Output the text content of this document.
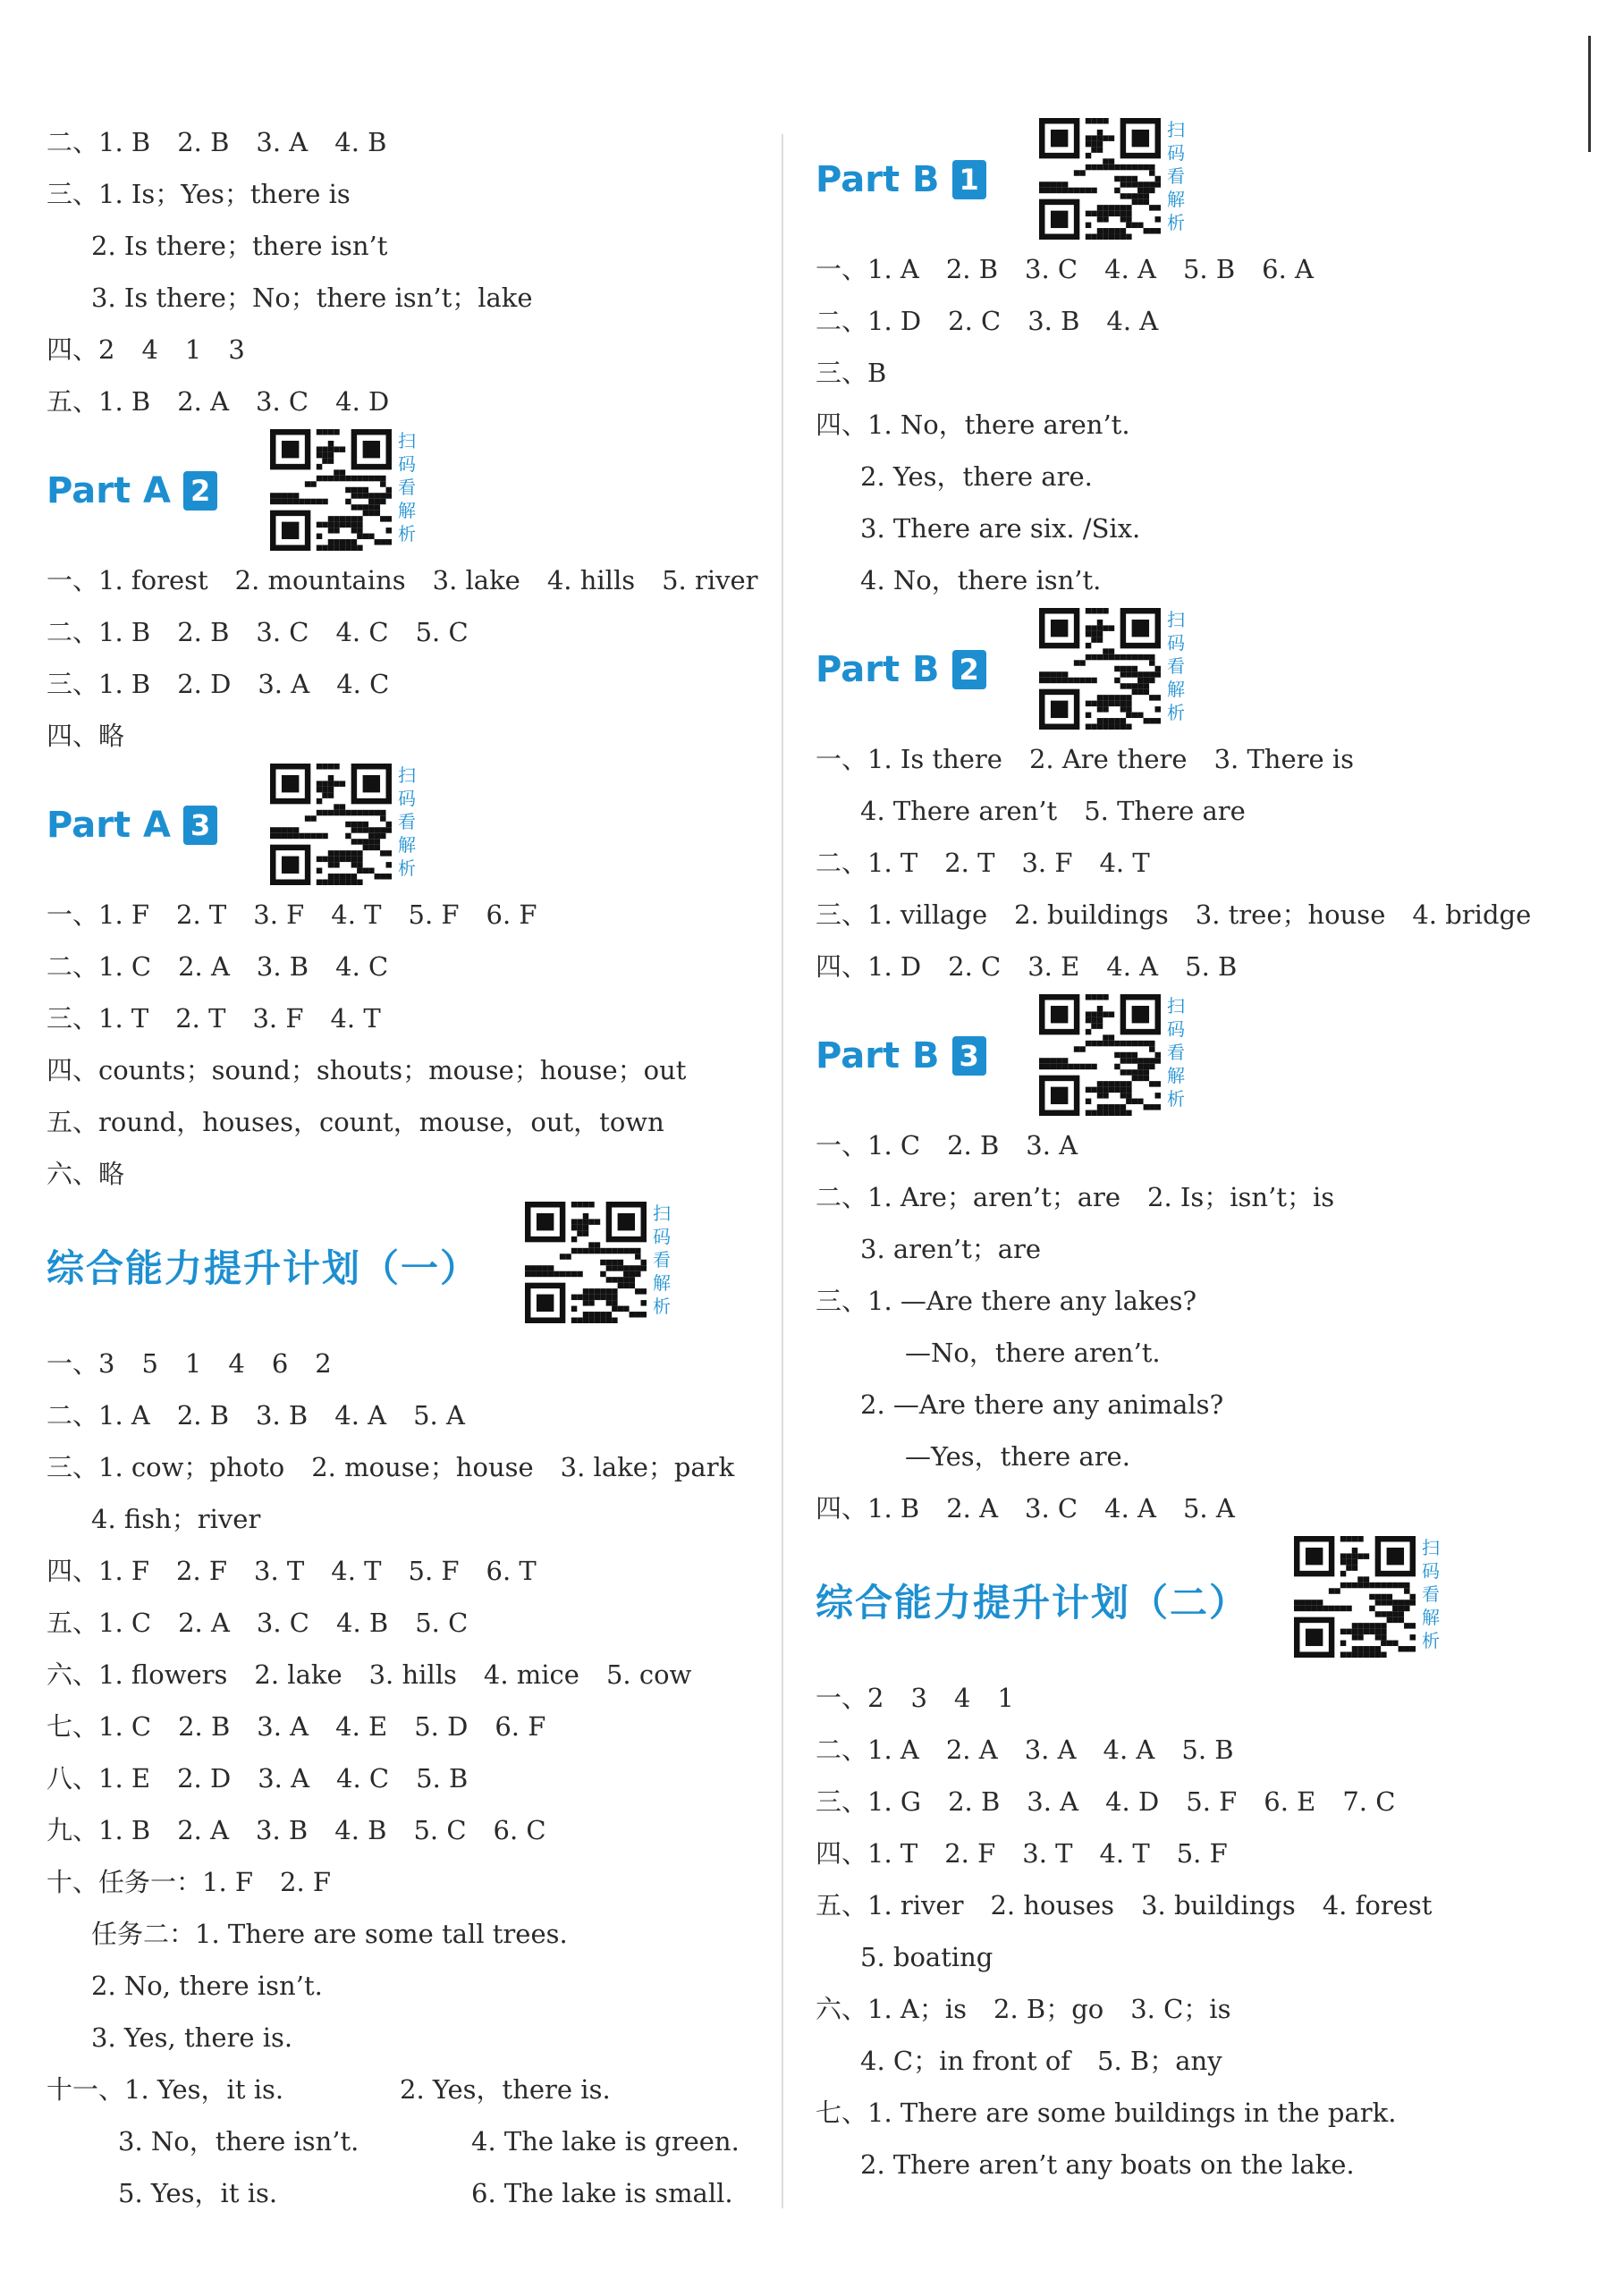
二、1. B 2. B 3. A 4. B
三、1. Is；Yes；there is
2. Is there；there isn’t
3. Is there；No；there isn’t；lake
四、2 4 1 3
五、1. B 2. A 3. C 4. D
Part A 2
扫
码
看
解
析
一、1. forest 2. mountains 3. lake 4. hills 5. river
二、1. B 2. B 3. C 4. C 5. C
三、1. B 2. D 3. A 4. C
四、略
Part A 3
扫
码
看
解
析
一、1. F 2. T 3. F 4. T 5. F 6. F
二、1. C 2. A 3. B 4. C
三、1. T 2. T 3. F 4. T
四、counts；sound；shouts；mouse；house；out
五、round，houses，count，mouse，out，town
六、略
综合能力提升计划（一）
扫
码
看
解
析
一、3 5 1 4 6 2
二、1. A 2. B 3. B 4. A 5. A
三、1. cow；photo 2. mouse；house 3. lake；park
4. fish；river
四、1. F 2. F 3. T 4. T 5. F 6. T
五、1. C 2. A 3. C 4. B 5. C
六、1. flowers 2. lake 3. hills 4. mice 5. cow
七、1. C 2. B 3. A 4. E 5. D 6. F
八、1. E 2. D 3. A 4. C 5. B
九、1. B 2. A 3. B 4. B 5. C 6. C
十、任务一：1. F 2. F
任务二：1. There are some tall trees.
2. No, there isn’t.
3. Yes, there is.
十一、1. Yes，it is.	2. Yes，there is.
3. No，there isn’t.	4. The lake is green.
5. Yes，it is.	6. The lake is small.
Part B 1
扫
码
看
解
析
一、1. A 2. B 3. C 4. A 5. B 6. A
二、1. D 2. C 3. B 4. A
三、B
四、1. No，there aren’t.
2. Yes，there are.
3. There are six. /Six.
4. No，there isn’t.
Part B 2
扫
码
看
解
析
一、1. Is there 2. Are there 3. There is
4. There aren’t 5. There are
二、1. T 2. T 3. F 4. T
三、1. village 2. buildings 3. tree；house 4. bridge
四、1. D 2. C 3. E 4. A 5. B
Part B 3
扫
码
看
解
析
一、1. C 2. B 3. A
二、1. Are；aren’t；are 2. Is；isn’t；is
3. aren’t；are
三、1. —Are there any lakes?
—No，there aren’t.
2. —Are there any animals?
—Yes，there are.
四、1. B 2. A 3. C 4. A 5. A
综合能力提升计划（二）
扫
码
看
解
析
一、2 3 4 1
二、1. A 2. A 3. A 4. A 5. B
三、1. G 2. B 3. A 4. D 5. F 6. E 7. C
四、1. T 2. F 3. T 4. T 5. F
五、1. river 2. houses 3. buildings 4. forest
5. boating
六、1. A；is 2. B；go 3. C；is
4. C；in front of 5. B；any
七、1. There are some buildings in the park.
2. There aren’t any boats on the lake.
